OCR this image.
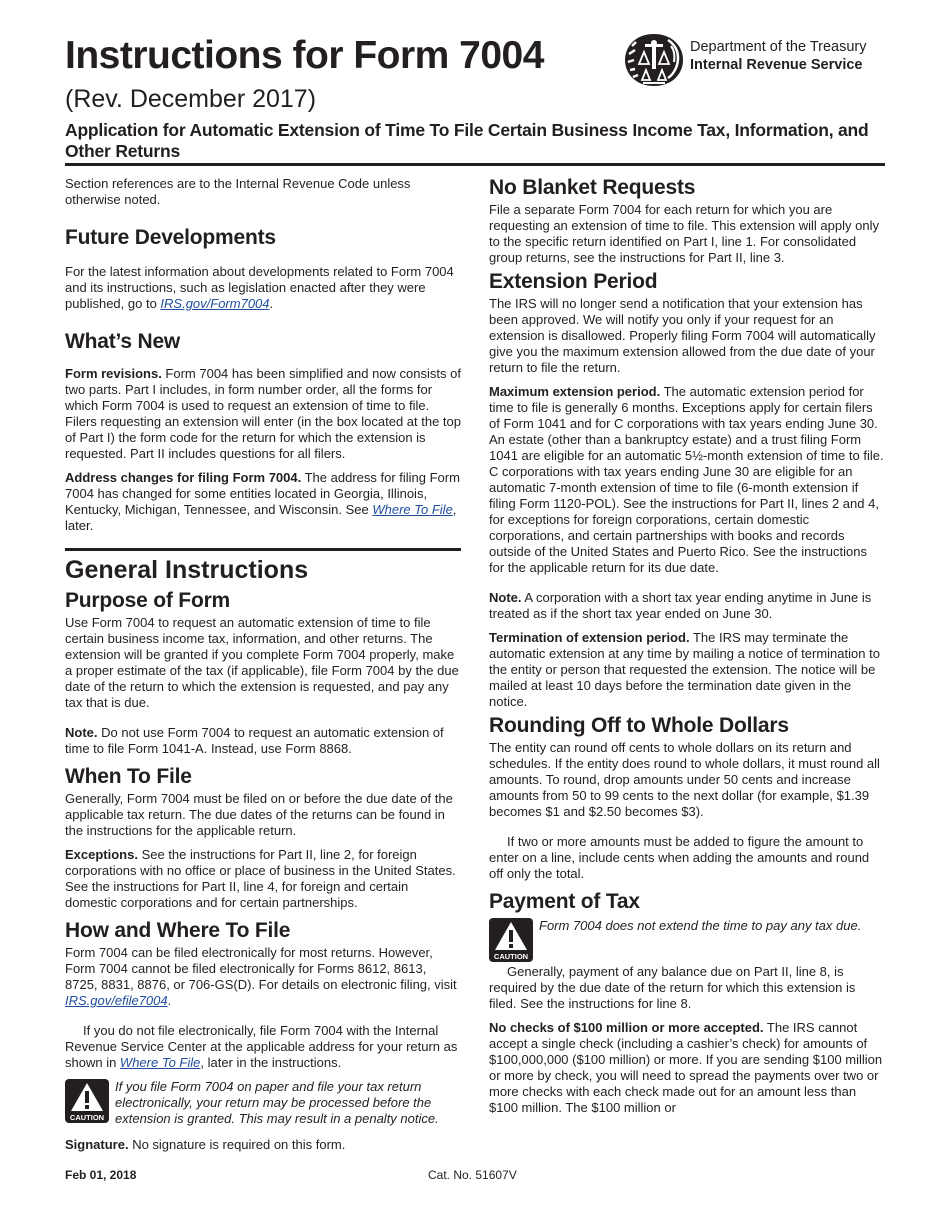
Instructions for Form 7004
(Rev. December 2017)
Department of the Treasury
Internal Revenue Service
Application for Automatic Extension of Time To File Certain Business Income Tax, Information, and Other Returns

Section references are to the Internal Revenue Code unless otherwise noted.

Future Developments

For the latest information about developments related to Form 7004 and its instructions, such as legislation enacted after they were published, go to IRS.gov/Form7004.

What’s New

Form revisions. Form 7004 has been simplified and now consists of two parts. Part I includes, in form number order, all the forms for which Form 7004 is used to request an extension of time to file. Filers requesting an extension will enter (in the box located at the top of Part I) the form code for the return for which the extension is requested. Part II includes questions for all filers.

Address changes for filing Form 7004. The address for filing Form 7004 has changed for some entities located in Georgia, Illinois, Kentucky, Michigan, Tennessee, and Wisconsin. See Where To File, later.

General Instructions
Purpose of Form

Use Form 7004 to request an automatic extension of time to file certain business income tax, information, and other returns. The extension will be granted if you complete Form 7004 properly, make a proper estimate of the tax (if applicable), file Form 7004 by the due date of the return to which the extension is requested, and pay any tax that is due.

Note. Do not use Form 7004 to request an automatic extension of time to file Form 1041-A. Instead, use Form 8868.

When To File

Generally, Form 7004 must be filed on or before the due date of the applicable tax return. The due dates of the returns can be found in the instructions for the applicable return.

Exceptions. See the instructions for Part II, line 2, for foreign corporations with no office or place of business in the United States. See the instructions for Part II, line 4, for foreign and certain domestic corporations and for certain partnerships.

How and Where To File

Form 7004 can be filed electronically for most returns. However, Form 7004 cannot be filed electronically for Forms 8612, 8613, 8725, 8831, 8876, or 706-GS(D). For details on electronic filing, visit IRS.gov/efile7004.

If you do not file electronically, file Form 7004 with the Internal Revenue Service Center at the applicable address for your return as shown in Where To File, later in the instructions.

CAUTION
If you file Form 7004 on paper and file your tax return electronically, your return may be processed before the extension is granted. This may result in a penalty notice.

Signature. No signature is required on this form.

No Blanket Requests

File a separate Form 7004 for each return for which you are requesting an extension of time to file. This extension will apply only to the specific return identified on Part I, line 1. For consolidated group returns, see the instructions for Part II, line 3.

Extension Period

The IRS will no longer send a notification that your extension has been approved. We will notify you only if your request for an extension is disallowed. Properly filing Form 7004 will automatically give you the maximum extension allowed from the due date of your return to file the return.

Maximum extension period. The automatic extension period for time to file is generally 6 months. Exceptions apply for certain filers of Form 1041 and for C corporations with tax years ending June 30. An estate (other than a bankruptcy estate) and a trust filing Form 1041 are eligible for an automatic 5½-month extension of time to file. C corporations with tax years ending June 30 are eligible for an automatic 7-month extension of time to file (6-month extension if filing Form 1120-POL). See the instructions for Part II, lines 2 and 4, for exceptions for foreign corporations, certain domestic corporations, and certain partnerships with books and records outside of the United States and Puerto Rico. See the instructions for the applicable return for its due date.

Note. A corporation with a short tax year ending anytime in June is treated as if the short tax year ended on June 30.

Termination of extension period. The IRS may terminate the automatic extension at any time by mailing a notice of termination to the entity or person that requested the extension. The notice will be mailed at least 10 days before the termination date given in the notice.

Rounding Off to Whole Dollars

The entity can round off cents to whole dollars on its return and schedules. If the entity does round to whole dollars, it must round all amounts. To round, drop amounts under 50 cents and increase amounts from 50 to 99 cents to the next dollar (for example, $1.39 becomes $1 and $2.50 becomes $3).

If two or more amounts must be added to figure the amount to enter on a line, include cents when adding the amounts and round off only the total.

Payment of Tax
CAUTION
Form 7004 does not extend the time to pay any tax due.

Generally, payment of any balance due on Part II, line 8, is required by the due date of the return for which this extension is filed. See the instructions for line 8.

No checks of $100 million or more accepted. The IRS cannot accept a single check (including a cashier’s check) for amounts of $100,000,000 ($100 million) or more. If you are sending $100 million or more by check, you will need to spread the payments over two or more checks with each check made out for an amount less than $100 million. The $100 million or

Feb 01, 2018	Cat. No. 51607V
